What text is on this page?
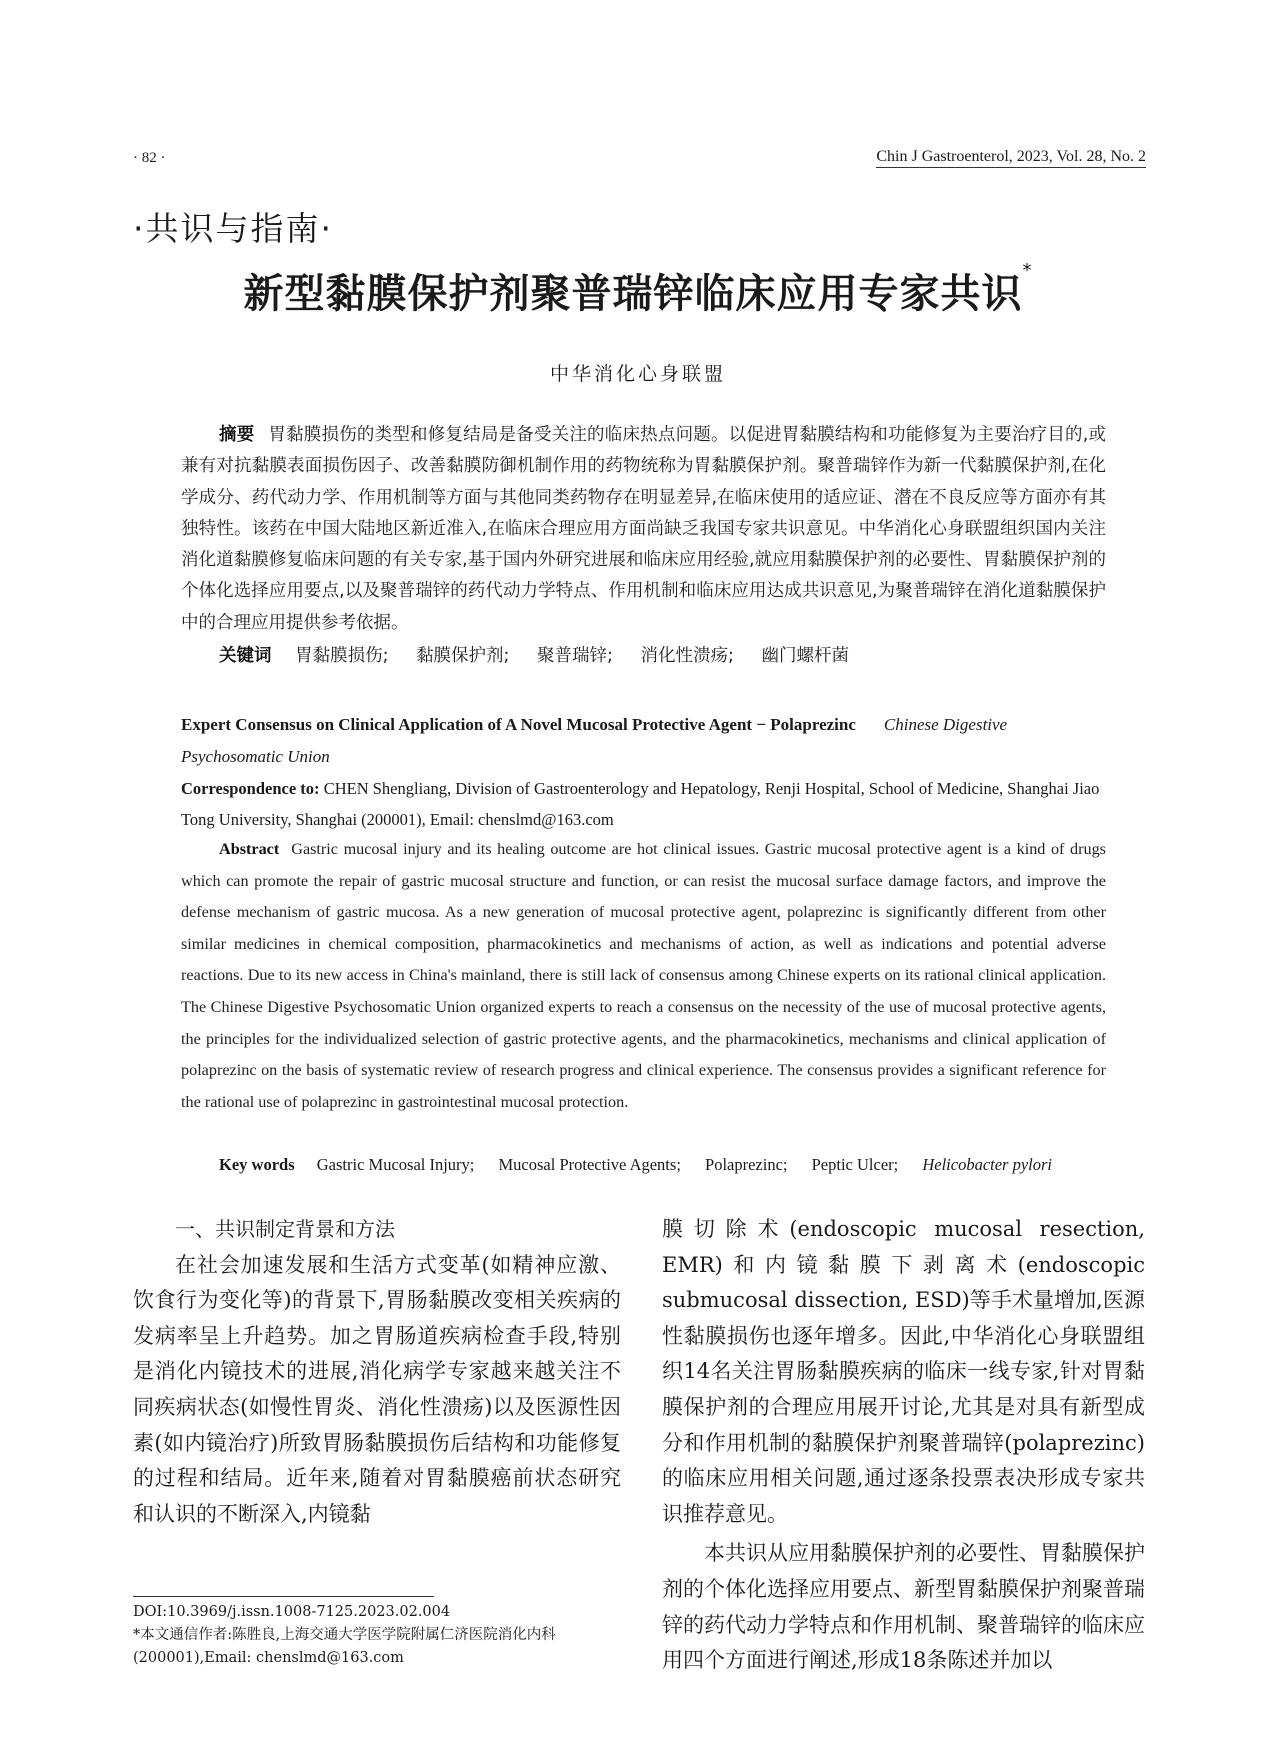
· 82 ·	Chin J Gastroenterol, 2023, Vol. 28, No. 2
·共识与指南·
新型黏膜保护剂聚普瑞锌临床应用专家共识*
中华消化心身联盟
摘要 胃黏膜损伤的类型和修复结局是备受关注的临床热点问题。以促进胃黏膜结构和功能修复为主要治疗目的,或兼有对抗黏膜表面损伤因子、改善黏膜防御机制作用的药物统称为胃黏膜保护剂。聚普瑞锌作为新一代黏膜保护剂,在化学成分、药代动力学、作用机制等方面与其他同类药物存在明显差异,在临床使用的适应证、潜在不良反应等方面亦有其独特性。该药在中国大陆地区新近准入,在临床合理应用方面尚缺乏我国专家共识意见。中华消化心身联盟组织国内关注消化道黏膜修复临床问题的有关专家,基于国内外研究进展和临床应用经验,就应用黏膜保护剂的必要性、胃黏膜保护剂的个体化选择应用要点,以及聚普瑞锌的药代动力学特点、作用机制和临床应用达成共识意见,为聚普瑞锌在消化道黏膜保护中的合理应用提供参考依据。
关键词 胃黏膜损伤; 黏膜保护剂; 聚普瑞锌; 消化性溃疡; 幽门螺杆菌
Expert Consensus on Clinical Application of A Novel Mucosal Protective Agent − Polaprezinc Chinese Digestive Psychosomatic Union
Correspondence to: CHEN Shengliang, Division of Gastroenterology and Hepatology, Renji Hospital, School of Medicine, Shanghai Jiao Tong University, Shanghai (200001), Email: chenslmd@163.com
Abstract Gastric mucosal injury and its healing outcome are hot clinical issues. Gastric mucosal protective agent is a kind of drugs which can promote the repair of gastric mucosal structure and function, or can resist the mucosal surface damage factors, and improve the defense mechanism of gastric mucosa. As a new generation of mucosal protective agent, polaprezinc is significantly different from other similar medicines in chemical composition, pharmacokinetics and mechanisms of action, as well as indications and potential adverse reactions. Due to its new access in China's mainland, there is still lack of consensus among Chinese experts on its rational clinical application. The Chinese Digestive Psychosomatic Union organized experts to reach a consensus on the necessity of the use of mucosal protective agents, the principles for the individualized selection of gastric protective agents, and the pharmacokinetics, mechanisms and clinical application of polaprezinc on the basis of systematic review of research progress and clinical experience. The consensus provides a significant reference for the rational use of polaprezinc in gastrointestinal mucosal protection.
Key words Gastric Mucosal Injury; Mucosal Protective Agents; Polaprezinc; Peptic Ulcer; Helicobacter pylori

一、共识制定背景和方法

在社会加速发展和生活方式变革(如精神应激、饮食行为变化等)的背景下,胃肠黏膜改变相关疾病的发病率呈上升趋势。加之胃肠道疾病检查手段,特别是消化内镜技术的进展,消化病学专家越来越关注不同疾病状态(如慢性胃炎、消化性溃疡)以及医源性因素(如内镜治疗)所致胃肠黏膜损伤后结构和功能修复的过程和结局。近年来,随着对胃黏膜癌前状态研究和认识的不断深入,内镜黏

膜切除术(endoscopic mucosal resection, EMR)和内镜黏膜下剥离术(endoscopic submucosal dissection, ESD)等手术量增加,医源性黏膜损伤也逐年增多。因此,中华消化心身联盟组织14名关注胃肠黏膜疾病的临床一线专家,针对胃黏膜保护剂的合理应用展开讨论,尤其是对具有新型成分和作用机制的黏膜保护剂聚普瑞锌(polaprezinc)的临床应用相关问题,通过逐条投票表决形成专家共识推荐意见。

本共识从应用黏膜保护剂的必要性、胃黏膜保护剂的个体化选择应用要点、新型胃黏膜保护剂聚普瑞锌的药代动力学特点和作用机制、聚普瑞锌的临床应用四个方面进行阐述,形成18条陈述并加以

DOI:10.3969/j.issn.1008-7125.2023.02.004
*本文通信作者:陈胜良,上海交通大学医学院附属仁济医院消化内科(200001),Email: chenslmd@163.com
